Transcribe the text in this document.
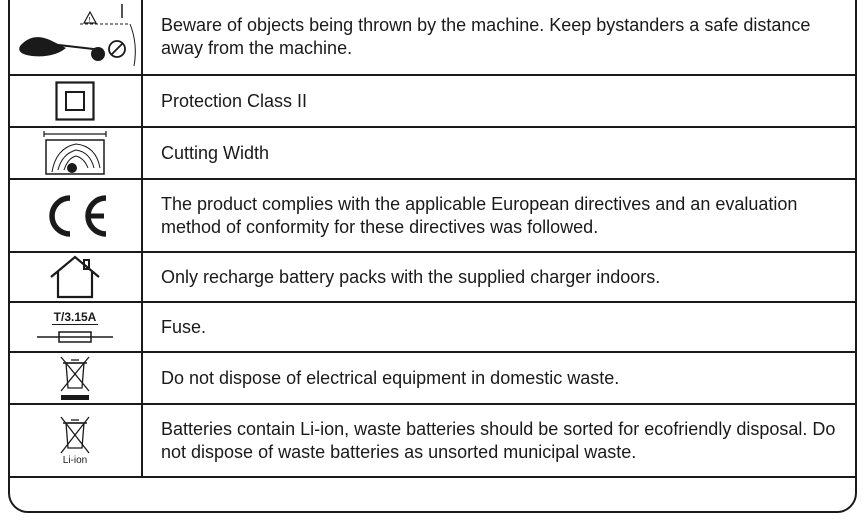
!	Beware of objects being thrown by the machine. Keep bystanders a safe distance away from the machine.
Protection Class II
Cutting Width
The product complies with the applicable European directives and an evaluation method of conformity for these directives was followed.
Only recharge battery packs with the supplied charger indoors.
T/3.15A	Fuse.
Do not dispose of electrical equipment in domestic waste.
Li-ion
Batteries contain Li-ion, waste batteries should be sorted for ecofriendly disposal. Do not dispose of waste batteries as unsorted municipal waste.
